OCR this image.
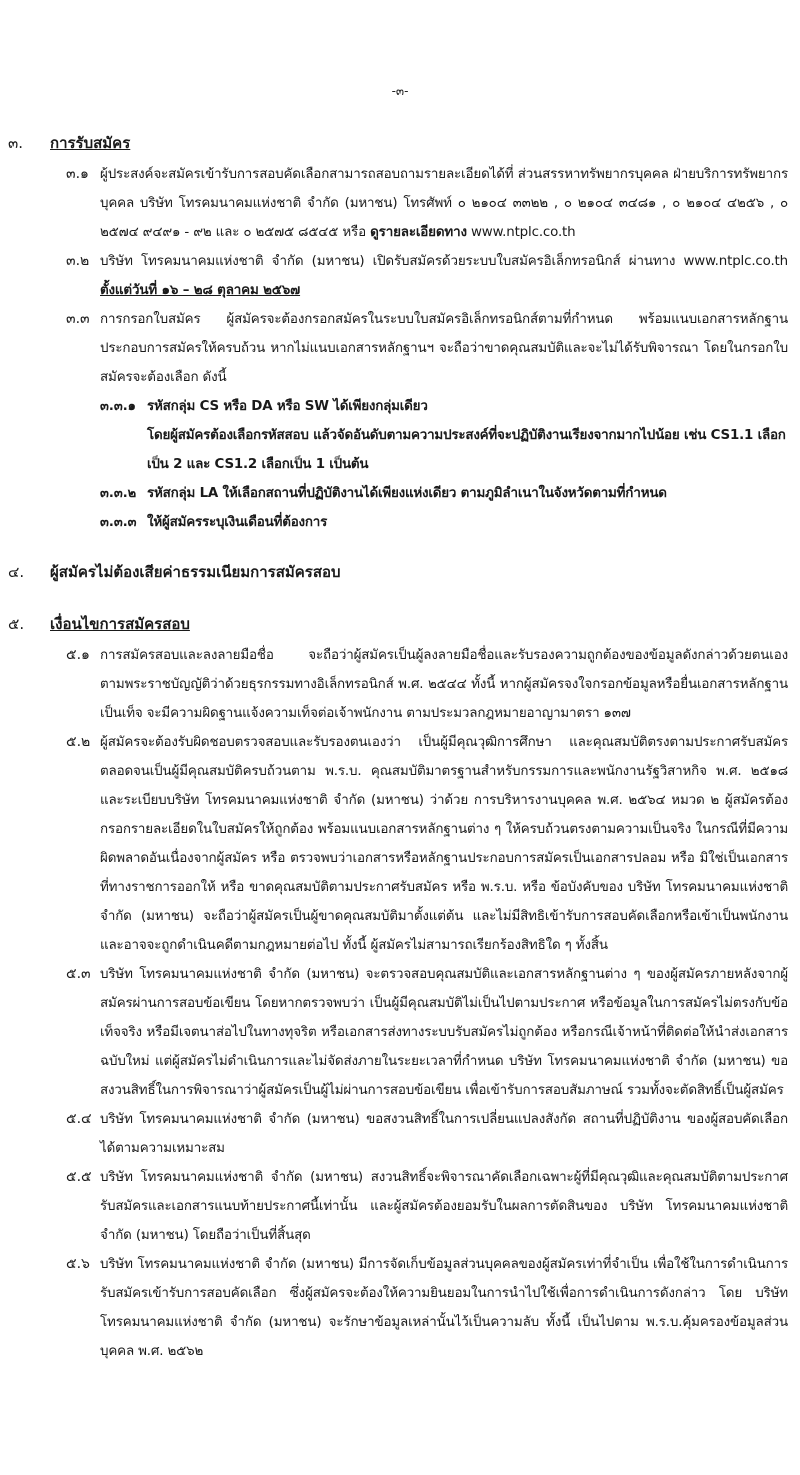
-๓-
๓. การรับสมัคร
๓.๑ ผู้ประสงค์จะสมัครเข้ารับการสอบคัดเลือกสามารถสอบถามรายละเอียดได้ที่ ส่วนสรรหาทรัพยากรบุคคล ฝ่ายบริการทรัพยากรบุคคล บริษัท โทรคมนาคมแห่งชาติ จำกัด (มหาชน) โทรศัพท์ ๐ ๒๑๐๔ ๓๓๒๒ , ๐ ๒๑๐๔ ๓๔๘๑ , ๐ ๒๑๐๔ ๔๒๕๖ , ๐ ๒๕๗๔ ๙๔๙๑ - ๙๒ และ ๐ ๒๕๗๕ ๘๕๔๕ หรือ ดูรายละเอียดทาง www.ntplc.co.th
๓.๒ บริษัท โทรคมนาคมแห่งชาติ จำกัด (มหาชน) เปิดรับสมัครด้วยระบบใบสมัครอิเล็กทรอนิกส์ ผ่านทาง www.ntplc.co.th ตั้งแต่วันที่ ๑๖ – ๒๘ ตุลาคม ๒๕๖๗
๓.๓ การกรอกใบสมัคร ผู้สมัครจะต้องกรอกสมัครในระบบใบสมัครอิเล็กทรอนิกส์ตามที่กำหนด พร้อมแนบเอกสารหลักฐานประกอบการสมัครให้ครบถ้วน หากไม่แนบเอกสารหลักฐานฯ จะถือว่าขาดคุณสมบัติและจะไม่ได้รับพิจารณา โดยในกรอกใบสมัครจะต้องเลือก ดังนี้
๓.๓.๑ รหัสกลุ่ม CS หรือ DA หรือ SW ได้เพียงกลุ่มเดียว
โดยผู้สมัครต้องเลือกรหัสสอบ แล้วจัดอันดับตามความประสงค์ที่จะปฏิบัติงานเรียงจากมากไปน้อย เช่น CS1.1 เลือกเป็น 2 และ CS1.2 เลือกเป็น 1 เป็นต้น
๓.๓.๒ รหัสกลุ่ม LA ให้เลือกสถานที่ปฏิบัติงานได้เพียงแห่งเดียว ตามภูมิลำเนาในจังหวัดตามที่กำหนด
๓.๓.๓ ให้ผู้สมัครระบุเงินเดือนที่ต้องการ
๔. ผู้สมัครไม่ต้องเสียค่าธรรมเนียมการสมัครสอบ
๕. เงื่อนไขการสมัครสอบ
๕.๑ การสมัครสอบและลงลายมือชื่อ จะถือว่าผู้สมัครเป็นผู้ลงลายมือชื่อและรับรองความถูกต้องของข้อมูลดังกล่าวด้วยตนเอง ตามพระราชบัญญัติว่าด้วยธุรกรรมทางอิเล็กทรอนิกส์ พ.ศ. ๒๕๔๔ ทั้งนี้ หากผู้สมัครจงใจกรอกข้อมูลหรือยื่นเอกสารหลักฐานเป็นเท็จ จะมีความผิดฐานแจ้งความเท็จต่อเจ้าพนักงาน ตามประมวลกฎหมายอาญามาตรา ๑๓๗
๕.๒ ผู้สมัครจะต้องรับผิดชอบตรวจสอบและรับรองตนเองว่า เป็นผู้มีคุณวุฒิการศึกษา และคุณสมบัติตรงตามประกาศรับสมัคร ตลอดจนเป็นผู้มีคุณสมบัติครบถ้วนตาม พ.ร.บ. คุณสมบัติมาตรฐานสำหรับกรรมการและพนักงานรัฐวิสาหกิจ พ.ศ. ๒๕๑๘ และระเบียบบริษัท โทรคมนาคมแห่งชาติ จำกัด (มหาชน) ว่าด้วย การบริหารงานบุคคล พ.ศ. ๒๕๖๔ หมวด ๒ ผู้สมัครต้องกรอกรายละเอียดในใบสมัครให้ถูกต้อง พร้อมแนบเอกสารหลักฐานต่าง ๆ ให้ครบถ้วนตรงตามความเป็นจริง ในกรณีที่มีความผิดพลาดอันเนื่องจากผู้สมัคร หรือ ตรวจพบว่าเอกสารหรือหลักฐานประกอบการสมัครเป็นเอกสารปลอม หรือ มิใช่เป็นเอกสารที่ทางราชการออกให้ หรือ ขาดคุณสมบัติตามประกาศรับสมัคร หรือ พ.ร.บ. หรือ ข้อบังคับของ บริษัท โทรคมนาคมแห่งชาติ จำกัด (มหาชน) จะถือว่าผู้สมัครเป็นผู้ขาดคุณสมบัติมาตั้งแต่ต้น และไม่มีสิทธิเข้ารับการสอบคัดเลือกหรือเข้าเป็นพนักงาน และอาจจะถูกดำเนินคดีตามกฎหมายต่อไป ทั้งนี้ ผู้สมัครไม่สามารถเรียกร้องสิทธิใด ๆ ทั้งสิ้น
๕.๓ บริษัท โทรคมนาคมแห่งชาติ จำกัด (มหาชน) จะตรวจสอบคุณสมบัติและเอกสารหลักฐานต่าง ๆ ของผู้สมัครภายหลังจากผู้สมัครผ่านการสอบข้อเขียน โดยหากตรวจพบว่า เป็นผู้มีคุณสมบัติไม่เป็นไปตามประกาศ หรือข้อมูลในการสมัครไม่ตรงกับข้อเท็จจริง หรือมีเจตนาส่อไปในทางทุจริต หรือเอกสารส่งทางระบบรับสมัครไม่ถูกต้อง หรือกรณีเจ้าหน้าที่ติดต่อให้นำส่งเอกสารฉบับใหม่ แต่ผู้สมัครไม่ดำเนินการและไม่จัดส่งภายในระยะเวลาที่กำหนด บริษัท โทรคมนาคมแห่งชาติ จำกัด (มหาชน) ขอสงวนสิทธิ์ในการพิจารณาว่าผู้สมัครเป็นผู้ไม่ผ่านการสอบข้อเขียน เพื่อเข้ารับการสอบสัมภาษณ์ รวมทั้งจะตัดสิทธิ์เป็นผู้สมัคร
๕.๔ บริษัท โทรคมนาคมแห่งชาติ จำกัด (มหาชน) ขอสงวนสิทธิ์ในการเปลี่ยนแปลงสังกัด สถานที่ปฏิบัติงาน ของผู้สอบคัดเลือกได้ตามความเหมาะสม
๕.๕ บริษัท โทรคมนาคมแห่งชาติ จำกัด (มหาชน) สงวนสิทธิ์จะพิจารณาคัดเลือกเฉพาะผู้ที่มีคุณวุฒิและคุณสมบัติตามประกาศรับสมัครและเอกสารแนบท้ายประกาศนี้เท่านั้น และผู้สมัครต้องยอมรับในผลการตัดสินของ บริษัท โทรคมนาคมแห่งชาติ จำกัด (มหาชน) โดยถือว่าเป็นที่สิ้นสุด
๕.๖ บริษัท โทรคมนาคมแห่งชาติ จำกัด (มหาชน) มีการจัดเก็บข้อมูลส่วนบุคคลของผู้สมัครเท่าที่จำเป็น เพื่อใช้ในการดำเนินการรับสมัครเข้ารับการสอบคัดเลือก ซึ่งผู้สมัครจะต้องให้ความยินยอมในการนำไปใช้เพื่อการดำเนินการดังกล่าว โดย บริษัท โทรคมนาคมแห่งชาติ จำกัด (มหาชน) จะรักษาข้อมูลเหล่านั้นไว้เป็นความลับ ทั้งนี้ เป็นไปตาม พ.ร.บ.คุ้มครองข้อมูลส่วนบุคคล พ.ศ. ๒๕๖๒
